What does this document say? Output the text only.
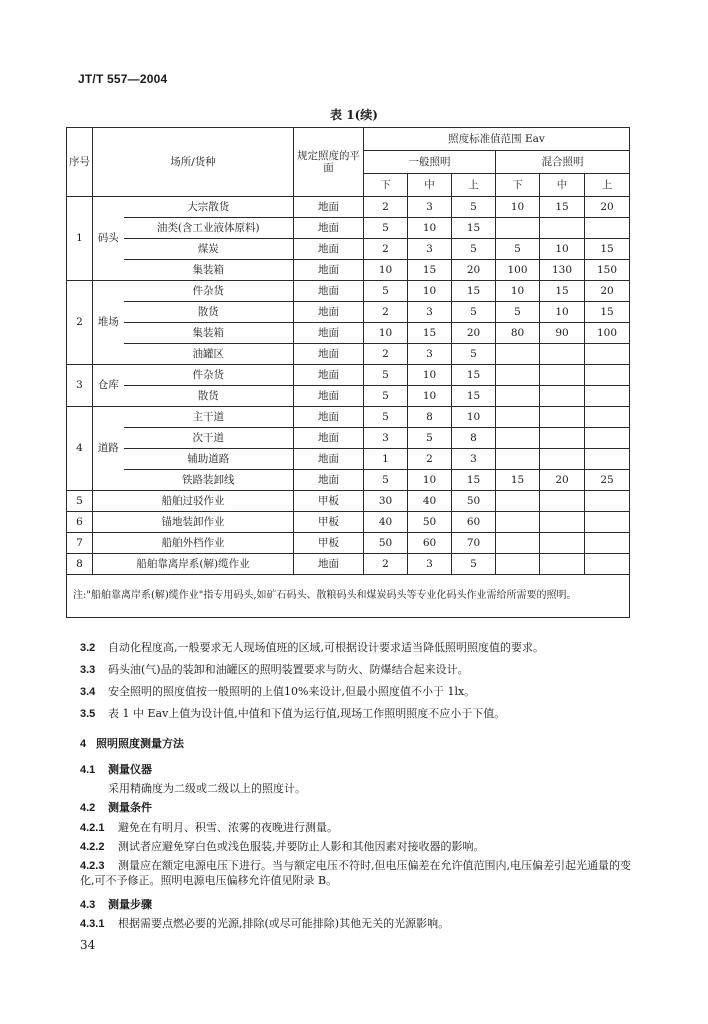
JT/T 557—2004
表 1(续)
序号	场所/货种		规定照度的平面	照度标准值范围 Eav					
				一般照明			混合照明		
				下	中	上	下	中	上
1	码头	大宗散货	地面	2	3	5	10	15	20
		油类(含工业液体原料)	地面	5	10	15			
		煤炭	地面	2	3	5	5	10	15
		集装箱	地面	10	15	20	100	130	150
2	堆场	件杂货	地面	5	10	15	10	15	20
		散货	地面	2	3	5	5	10	15
		集装箱	地面	10	15	20	80	90	100
		油罐区	地面	2	3	5			
3	仓库	件杂货	地面	5	10	15			
		散货	地面	5	10	15			
4	道路	主干道	地面	5	8	10			
		次干道	地面	3	5	8			
		辅助道路	地面	1	2	3			
		铁路装卸线	地面	5	10	15	15	20	25
5	船舶过驳作业		甲板	30	40	50			
6	锚地装卸作业		甲板	40	50	60			
7	船舶外档作业		甲板	50	60	70			
8	船舶靠离岸系(解)缆作业		地面	2	3	5			
注:"船舶靠离岸系(解)缆作业"指专用码头,如矿石码头、散粮码头和煤炭码头等专业化码头作业需给所需要的照明。									
3.2 自动化程度高,一般要求无人现场值班的区域,可根据设计要求适当降低照明照度值的要求。
3.3 码头油(气)品的装卸和油罐区的照明装置要求与防火、防爆结合起来设计。
3.4 安全照明的照度值按一般照明的上值10%来设计,但最小照度值不小于 1lx。
3.5 表 1 中 Eav上值为设计值,中值和下值为运行值,现场工作照明照度不应小于下值。
4 照明照度测量方法
4.1 测量仪器
采用精确度为二级或二级以上的照度计。
4.2 测量条件
4.2.1 避免在有明月、积雪、浓雾的夜晚进行测量。
4.2.2 测试者应避免穿白色或浅色服装,并要防止人影和其他因素对接收器的影响。
4.2.3 测量应在额定电源电压下进行。当与额定电压不符时,但电压偏差在允许值范围内,电压偏差引起光通量的变化,可不予修正。照明电源电压偏移允许值见附录 B。
4.3 测量步骤
4.3.1 根据需要点燃必要的光源,排除(或尽可能排除)其他无关的光源影响。
34
